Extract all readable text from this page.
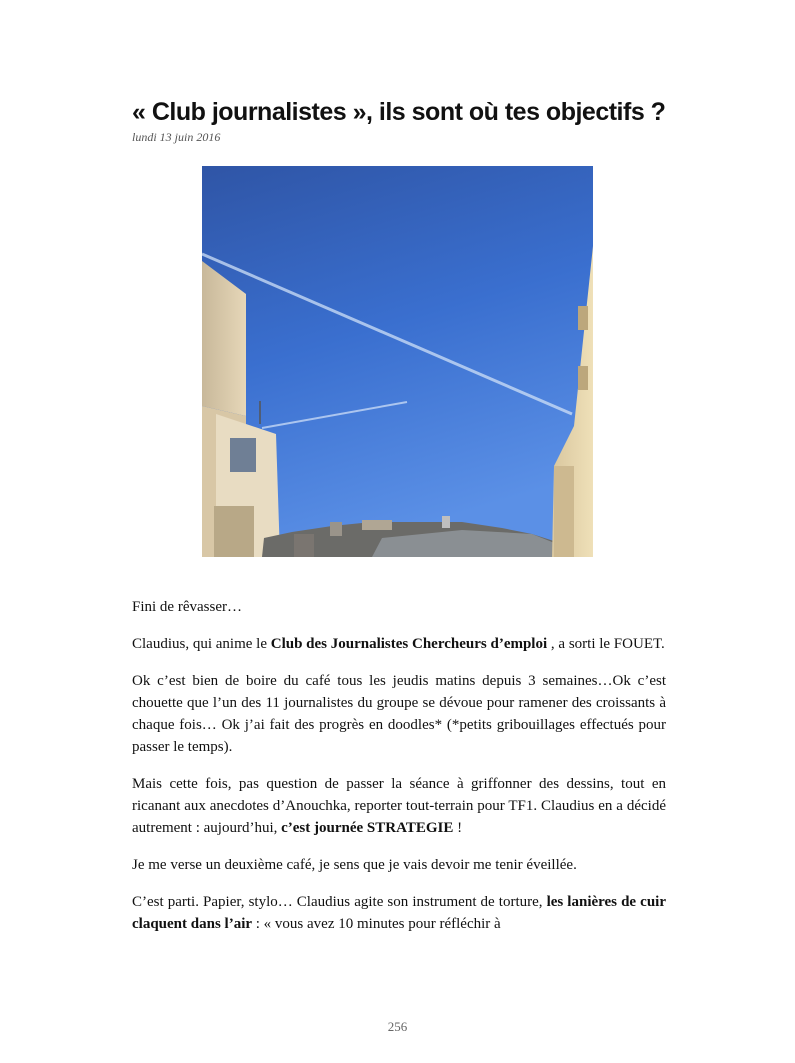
« Club journalistes », ils sont où tes objectifs ?
lundi 13 juin 2016

Fini de rêvasser…

Claudius, qui anime le Club des Journalistes Chercheurs d’emploi , a sorti le FOUET.

Ok c’est bien de boire du café tous les jeudis matins depuis 3 semaines…Ok c’est chouette que l’un des 11 journalistes du groupe se dévoue pour ramener des croissants à chaque fois… Ok j’ai fait des progrès en doodles* (*petits gribouillages effectués pour passer le temps).

Mais cette fois, pas question de passer la séance à griffonner des dessins, tout en ricanant aux anecdotes d’Anouchka, reporter tout-terrain pour TF1. Claudius en a décidé autrement : aujourd’hui, c’est journée STRATEGIE !

Je me verse un deuxième café, je sens que je vais devoir me tenir éveillée.

C’est parti. Papier, stylo… Claudius agite son instrument de torture, les lanières de cuir claquent dans l’air : « vous avez 10 minutes pour réfléchir à

256
